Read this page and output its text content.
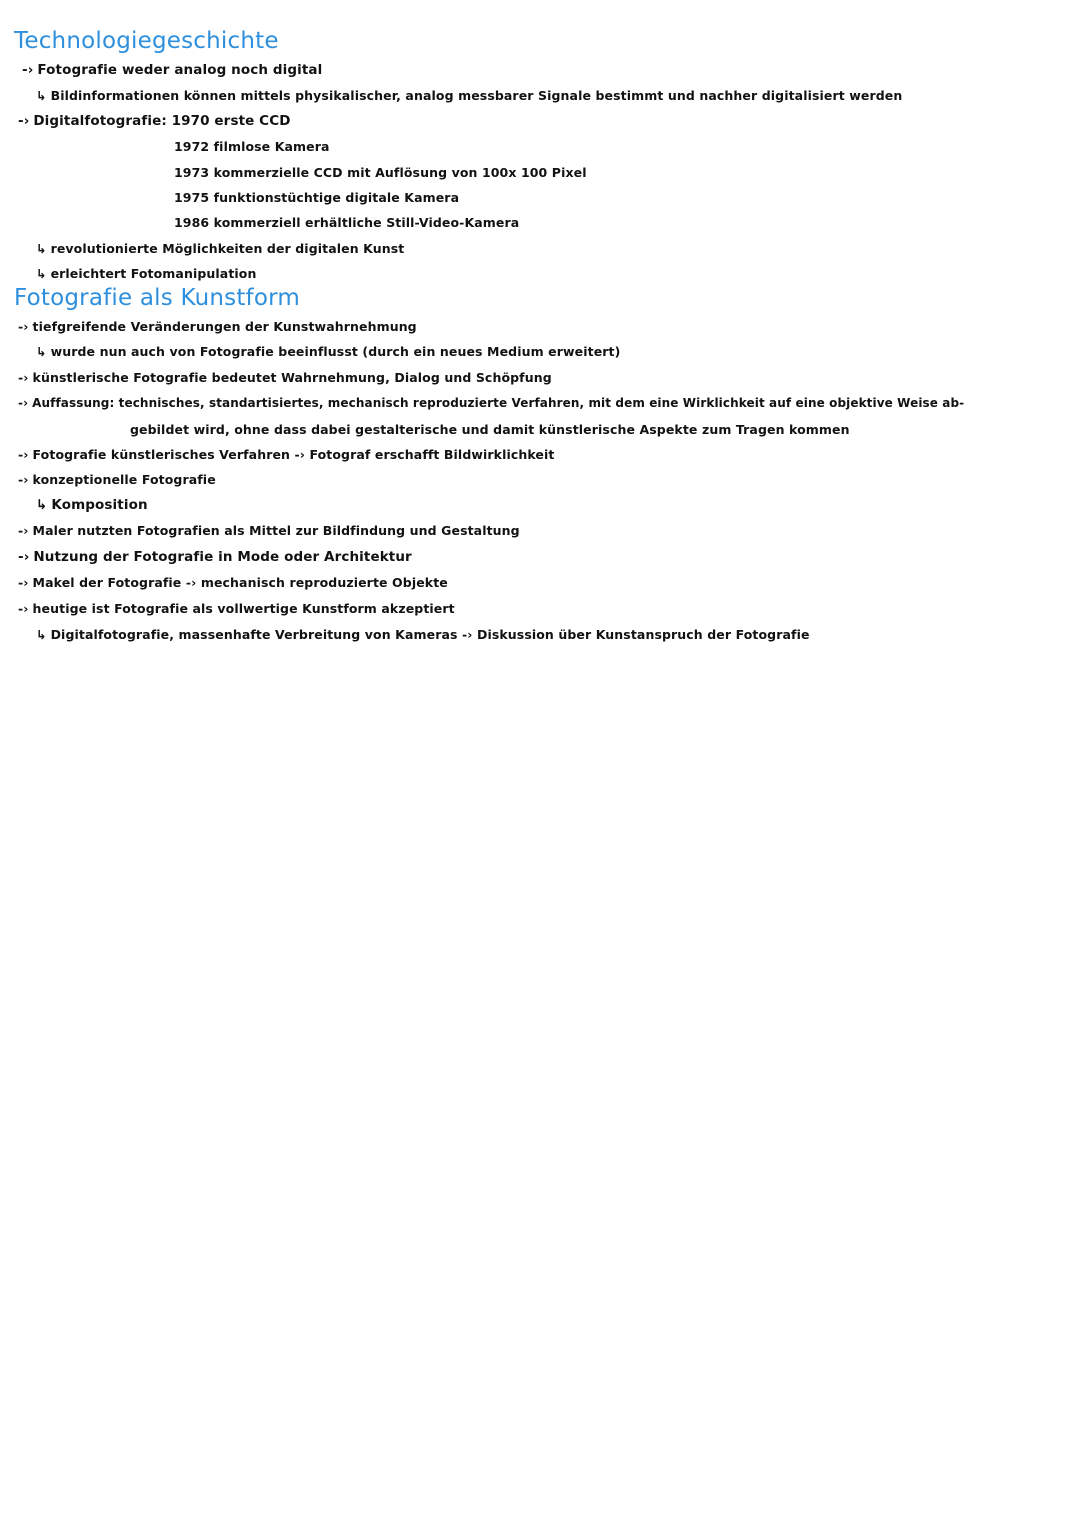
Technologiegeschichte
-› Fotografie weder analog noch digital
↳ Bildinformationen können mittels physikalischer, analog messbarer Signale bestimmt und nachher digitalisiert werden
-› Digitalfotografie: 1970 erste CCD
1972 filmlose Kamera
1973 kommerzielle CCD mit Auflösung von 100x 100 Pixel
1975 funktionstüchtige digitale Kamera
1986 kommerziell erhältliche Still-Video-Kamera
↳ revolutionierte Möglichkeiten der digitalen Kunst
↳ erleichtert Fotomanipulation
Fotografie als Kunstform
-› tiefgreifende Veränderungen der Kunstwahrnehmung
↳ wurde nun auch von Fotografie beeinflusst (durch ein neues Medium erweitert)
-› künstlerische Fotografie bedeutet Wahrnehmung, Dialog und Schöpfung
-› Auffassung: technisches, standartisiertes, mechanisch reproduzierte Verfahren, mit dem eine Wirklichkeit auf eine objektive Weise ab-
gebildet wird, ohne dass dabei gestalterische und damit künstlerische Aspekte zum Tragen kommen
-› Fotografie künstlerisches Verfahren -› Fotograf erschafft Bildwirklichkeit
-› konzeptionelle Fotografie
↳ Komposition
-› Maler nutzten Fotografien als Mittel zur Bildfindung und Gestaltung
-› Nutzung der Fotografie in Mode oder Architektur
-› Makel der Fotografie -› mechanisch reproduzierte Objekte
-› heutige ist Fotografie als vollwertige Kunstform akzeptiert
↳ Digitalfotografie, massenhafte Verbreitung von Kameras -› Diskussion über Kunstanspruch der Fotografie
